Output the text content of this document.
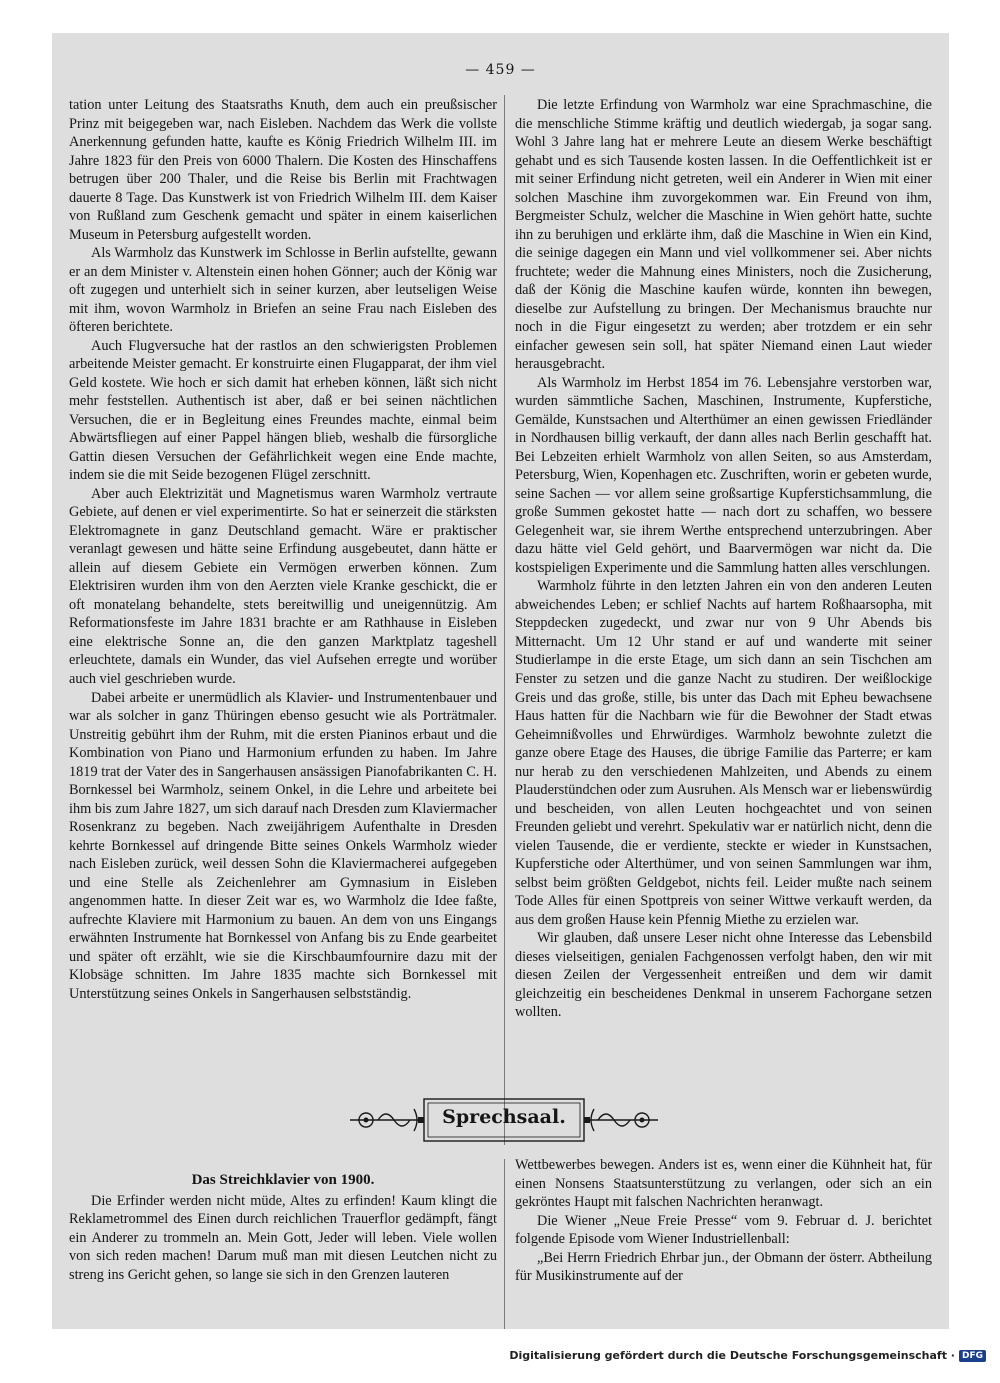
— 459 —

tation unter Leitung des Staatsraths Knuth, dem auch ein preußsischer Prinz mit beigegeben war, nach Eisleben. Nachdem das Werk die vollste Anerkennung gefunden hatte, kaufte es König Friedrich Wilhelm III. im Jahre 1823 für den Preis von 6000 Thalern. Die Kosten des Hinschaffens betrugen über 200 Thaler, und die Reise bis Berlin mit Frachtwagen dauerte 8 Tage. Das Kunstwerk ist von Friedrich Wilhelm III. dem Kaiser von Rußland zum Geschenk gemacht und später in einem kaiserlichen Museum in Petersburg aufgestellt worden.

Als Warmholz das Kunstwerk im Schlosse in Berlin aufstellte, gewann er an dem Minister v. Altenstein einen hohen Gönner; auch der König war oft zugegen und unterhielt sich in seiner kurzen, aber leutseligen Weise mit ihm, wovon Warmholz in Briefen an seine Frau nach Eisleben des öfteren berichtete.

Auch Flugversuche hat der rastlos an den schwierigsten Problemen arbeitende Meister gemacht. Er konstruirte einen Flugapparat, der ihm viel Geld kostete. Wie hoch er sich damit hat erheben können, läßt sich nicht mehr feststellen. Authentisch ist aber, daß er bei seinen nächtlichen Versuchen, die er in Begleitung eines Freundes machte, einmal beim Abwärtsfliegen auf einer Pappel hängen blieb, weshalb die fürsorgliche Gattin diesen Versuchen der Gefährlichkeit wegen eine Ende machte, indem sie die mit Seide bezogenen Flügel zerschnitt.

Aber auch Elektrizität und Magnetismus waren Warmholz vertraute Gebiete, auf denen er viel experimentirte. So hat er seinerzeit die stärksten Elektromagnete in ganz Deutschland gemacht. Wäre er praktischer veranlagt gewesen und hätte seine Erfindung ausgebeutet, dann hätte er allein auf diesem Gebiete ein Vermögen erwerben können. Zum Elektrisiren wurden ihm von den Aerzten viele Kranke geschickt, die er oft monatelang behandelte, stets bereitwillig und uneigennützig. Am Reformationsfeste im Jahre 1831 brachte er am Rathhause in Eisleben eine elektrische Sonne an, die den ganzen Marktplatz tageshell erleuchtete, damals ein Wunder, das viel Aufsehen erregte und worüber auch viel geschrieben wurde.

Dabei arbeite er unermüdlich als Klavier- und Instrumentenbauer und war als solcher in ganz Thüringen ebenso gesucht wie als Porträtmaler. Unstreitig gebührt ihm der Ruhm, mit die ersten Pianinos erbaut und die Kombination von Piano und Harmonium erfunden zu haben. Im Jahre 1819 trat der Vater des in Sangerhausen ansässigen Pianofabrikanten C. H. Bornkessel bei Warmholz, seinem Onkel, in die Lehre und arbeitete bei ihm bis zum Jahre 1827, um sich darauf nach Dresden zum Klaviermacher Rosenkranz zu begeben. Nach zweijährigem Aufenthalte in Dresden kehrte Bornkessel auf dringende Bitte seines Onkels Warmholz wieder nach Eisleben zurück, weil dessen Sohn die Klaviermacherei aufgegeben und eine Stelle als Zeichenlehrer am Gymnasium in Eisleben angenommen hatte. In dieser Zeit war es, wo Warmholz die Idee faßte, aufrechte Klaviere mit Harmonium zu bauen. An dem von uns Eingangs erwähnten Instrumente hat Bornkessel von Anfang bis zu Ende gearbeitet und später oft erzählt, wie sie die Kirschbaumfournire dazu mit der Klobsäge schnitten. Im Jahre 1835 machte sich Bornkessel mit Unterstützung seines Onkels in Sangerhausen selbstständig.

Die letzte Erfindung von Warmholz war eine Sprachmaschine, die die menschliche Stimme kräftig und deutlich wiedergab, ja sogar sang. Wohl 3 Jahre lang hat er mehrere Leute an diesem Werke beschäftigt gehabt und es sich Tausende kosten lassen. In die Oeffentlichkeit ist er mit seiner Erfindung nicht getreten, weil ein Anderer in Wien mit einer solchen Maschine ihm zuvorgekommen war. Ein Freund von ihm, Bergmeister Schulz, welcher die Maschine in Wien gehört hatte, suchte ihn zu beruhigen und erklärte ihm, daß die Maschine in Wien ein Kind, die seinige dagegen ein Mann und viel vollkommener sei. Aber nichts fruchtete; weder die Mahnung eines Ministers, noch die Zusicherung, daß der König die Maschine kaufen würde, konnten ihn bewegen, dieselbe zur Aufstellung zu bringen. Der Mechanismus brauchte nur noch in die Figur eingesetzt zu werden; aber trotzdem er ein sehr einfacher gewesen sein soll, hat später Niemand einen Laut wieder herausgebracht.

Als Warmholz im Herbst 1854 im 76. Lebensjahre verstorben war, wurden sämmtliche Sachen, Maschinen, Instrumente, Kupferstiche, Gemälde, Kunstsachen und Alterthümer an einen gewissen Friedländer in Nordhausen billig verkauft, der dann alles nach Berlin geschafft hat. Bei Lebzeiten erhielt Warmholz von allen Seiten, so aus Amsterdam, Petersburg, Wien, Kopenhagen etc. Zuschriften, worin er gebeten wurde, seine Sachen — vor allem seine großsartige Kupferstichsammlung, die große Summen gekostet hatte — nach dort zu schaffen, wo bessere Gelegenheit war, sie ihrem Werthe entsprechend unterzubringen. Aber dazu hätte viel Geld gehört, und Baarvermögen war nicht da. Die kostspieligen Experimente und die Sammlung hatten alles verschlungen.

Warmholz führte in den letzten Jahren ein von den anderen Leuten abweichendes Leben; er schlief Nachts auf hartem Roßhaarsopha, mit Steppdecken zugedeckt, und zwar nur von 9 Uhr Abends bis Mitternacht. Um 12 Uhr stand er auf und wanderte mit seiner Studierlampe in die erste Etage, um sich dann an sein Tischchen am Fenster zu setzen und die ganze Nacht zu studiren. Der weißlockige Greis und das große, stille, bis unter das Dach mit Epheu bewachsene Haus hatten für die Nachbarn wie für die Bewohner der Stadt etwas Geheimnißvolles und Ehrwürdiges. Warmholz bewohnte zuletzt die ganze obere Etage des Hauses, die übrige Familie das Parterre; er kam nur herab zu den verschiedenen Mahlzeiten, und Abends zu einem Plauderstündchen oder zum Ausruhen. Als Mensch war er liebenswürdig und bescheiden, von allen Leuten hochgeachtet und von seinen Freunden geliebt und verehrt. Spekulativ war er natürlich nicht, denn die vielen Tausende, die er verdiente, steckte er wieder in Kunstsachen, Kupferstiche oder Alterthümer, und von seinen Sammlungen war ihm, selbst beim größten Geldgebot, nichts feil. Leider mußte nach seinem Tode Alles für einen Spottpreis von seiner Wittwe verkauft werden, da aus dem großen Hause kein Pfennig Miethe zu erzielen war.

Wir glauben, daß unsere Leser nicht ohne Interesse das Lebensbild dieses vielseitigen, genialen Fachgenossen verfolgt haben, den wir mit diesen Zeilen der Vergessenheit entreißen und dem wir damit gleichzeitig ein bescheidenes Denkmal in unserem Fachorgane setzen wollten.

Sprechsaal.
Das Streichklavier von 1900.

Die Erfinder werden nicht müde, Altes zu erfinden! Kaum klingt die Reklametrommel des Einen durch reichlichen Trauerflor gedämpft, fängt ein Anderer zu trommeln an. Mein Gott, Jeder will leben. Viele wollen von sich reden machen! Darum muß man mit diesen Leutchen nicht zu streng ins Gericht gehen, so lange sie sich in den Grenzen lauteren

Wettbewerbes bewegen. Anders ist es, wenn einer die Kühnheit hat, für einen Nonsens Staatsunterstützung zu verlangen, oder sich an ein gekröntes Haupt mit falschen Nachrichten heranwagt.

Die Wiener „Neue Freie Presse“ vom 9. Februar d. J. berichtet folgende Episode vom Wiener Industriellenball:

„Bei Herrn Friedrich Ehrbar jun., der Obmann der österr. Abtheilung für Musikinstrumente auf der

Digitalisierung gefördert durch die Deutsche Forschungsgemeinschaft · DFG
